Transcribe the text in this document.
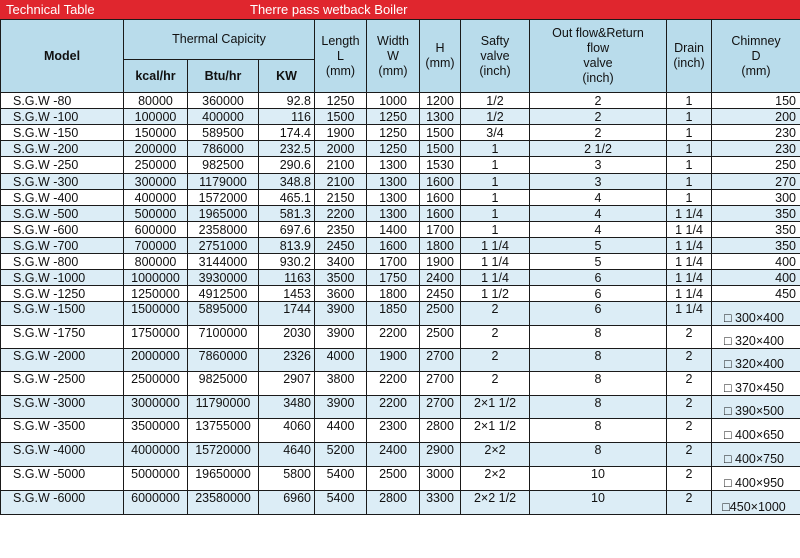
Technical Table	Therre pass wetback Boiler
Model	Thermal Capicity			Length
L
(mm)	Width
W
(mm)	H
(mm)	Safty
valve
(inch)	Out flow&Return
flow
valve
(inch)	Drain
(inch)	Chimney
D
(mm)
	kcal/hr	Btu/hr	KW							
S.G.W -80	80000	360000	92.8	1250	1000	1200	1/2	2	1	150
S.G.W -100	100000	400000	116	1500	1250	1300	1/2	2	1	200
S.G.W -150	150000	589500	174.4	1900	1250	1500	3/4	2	1	230
S.G.W -200	200000	786000	232.5	2000	1250	1500	1	2 1/2	1	230
S.G.W -250	250000	982500	290.6	2100	1300	1530	1	3	1	250
S.G.W -300	300000	1179000	348.8	2100	1300	1600	1	3	1	270
S.G.W -400	400000	1572000	465.1	2150	1300	1600	1	4	1	300
S.G.W -500	500000	1965000	581.3	2200	1300	1600	1	4	1 1/4	350
S.G.W -600	600000	2358000	697.6	2350	1400	1700	1	4	1 1/4	350
S.G.W -700	700000	2751000	813.9	2450	1600	1800	1 1/4	5	1 1/4	350
S.G.W -800	800000	3144000	930.2	3400	1700	1900	1 1/4	5	1 1/4	400
S.G.W -1000	1000000	3930000	1163	3500	1750	2400	1 1/4	6	1 1/4	400
S.G.W -1250	1250000	4912500	1453	3600	1800	2450	1 1/2	6	1 1/4	450
S.G.W -1500	1500000	5895000	1744	3900	1850	2500	2	6	1 1/4	□ 300×400
S.G.W -1750	1750000	7100000	2030	3900	2200	2500	2	8	2	□ 320×400
S.G.W -2000	2000000	7860000	2326	4000	1900	2700	2	8	2	□ 320×400
S.G.W -2500	2500000	9825000	2907	3800	2200	2700	2	8	2	□ 370×450
S.G.W -3000	3000000	11790000	3480	3900	2200	2700	2×1 1/2	8	2	□ 390×500
S.G.W -3500	3500000	13755000	4060	4400	2300	2800	2×1 1/2	8	2	□ 400×650
S.G.W -4000	4000000	15720000	4640	5200	2400	2900	2×2	8	2	□ 400×750
S.G.W -5000	5000000	19650000	5800	5400	2500	3000	2×2	10	2	□ 400×950
S.G.W -6000	6000000	23580000	6960	5400	2800	3300	2×2 1/2	10	2	□450×1000
